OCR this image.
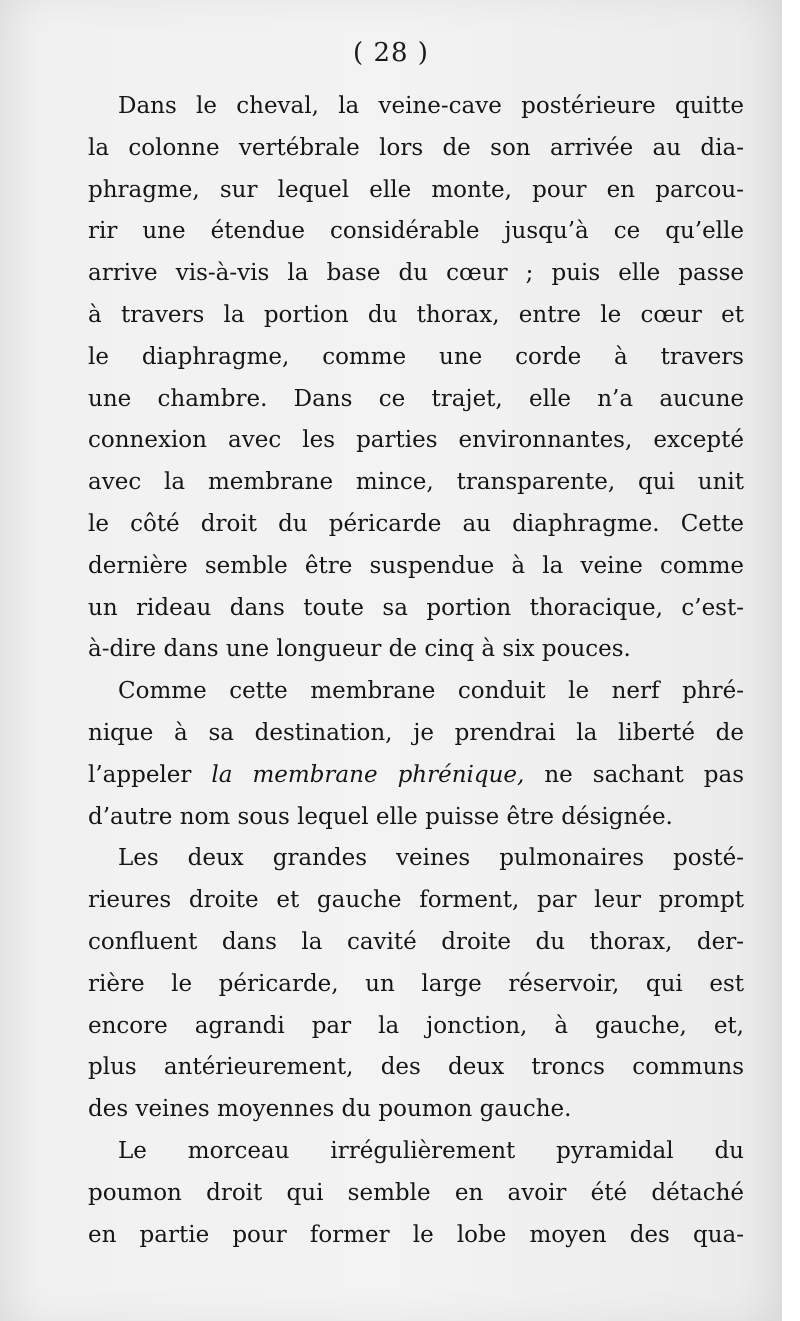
( 28 )
Dans le cheval, la veine-cave postérieure quitte
la colonne vertébrale lors de son arrivée au dia-
phragme, sur lequel elle monte, pour en parcou-
rir une étendue considérable jusqu’à ce qu’elle
arrive vis-à-vis la base du cœur ; puis elle passe
à travers la portion du thorax, entre le cœur et
le diaphragme, comme une corde à travers
une chambre. Dans ce trajet, elle n’a aucune
connexion avec les parties environnantes, excepté
avec la membrane mince, transparente, qui unit
le côté droit du péricarde au diaphragme. Cette
dernière semble être suspendue à la veine comme
un rideau dans toute sa portion thoracique, c’est-
à-dire dans une longueur de cinq à six pouces.
Comme cette membrane conduit le nerf phré-
nique à sa destination, je prendrai la liberté de
l’appeler la membrane phrénique, ne sachant pas
d’autre nom sous lequel elle puisse être désignée.
Les deux grandes veines pulmonaires posté-
rieures droite et gauche forment, par leur prompt
confluent dans la cavité droite du thorax, der-
rière le péricarde, un large réservoir, qui est
encore agrandi par la jonction, à gauche, et,
plus antérieurement, des deux troncs communs
des veines moyennes du poumon gauche.
Le morceau irrégulièrement pyramidal du
poumon droit qui semble en avoir été détaché
en partie pour former le lobe moyen des qua-
